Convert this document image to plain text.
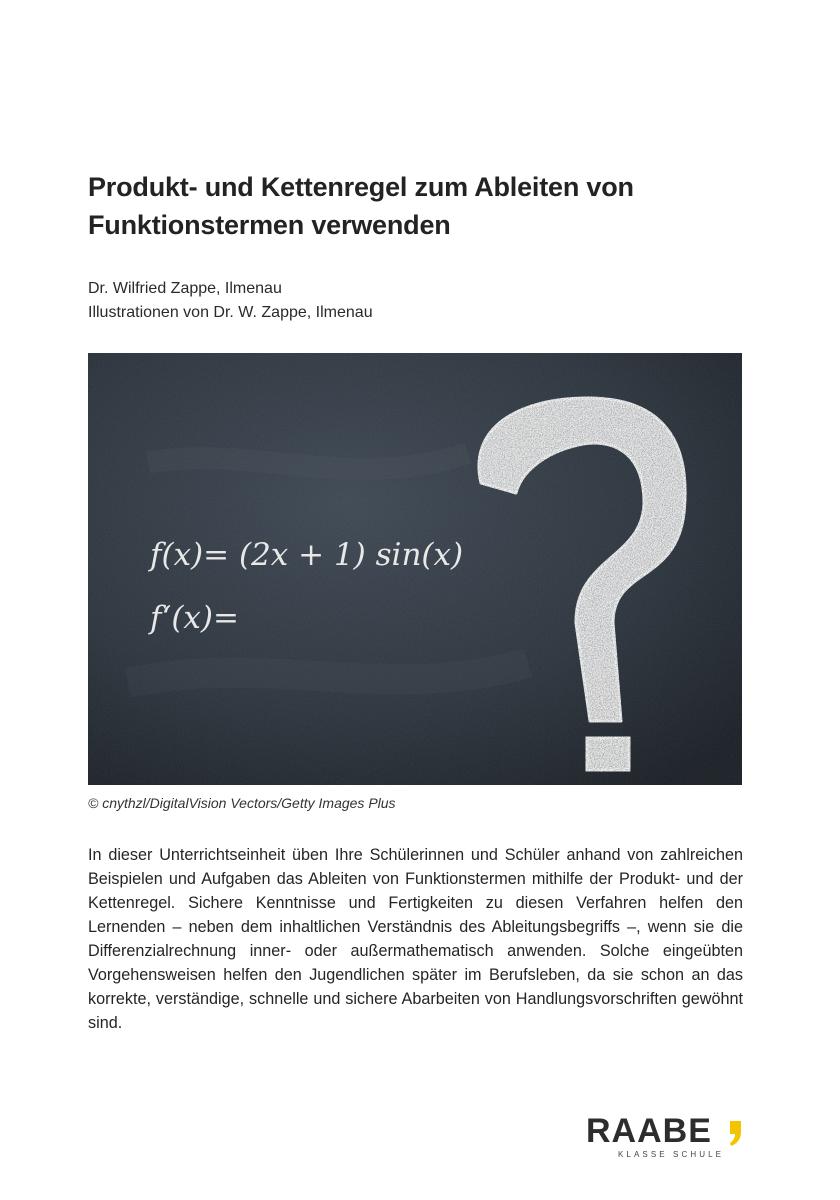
Produkt- und Kettenregel zum Ableiten von Funktionstermen verwenden
Dr. Wilfried Zappe, Ilmenau
Illustrationen von Dr. W. Zappe, Ilmenau
f(x)= (2x + 1) sin(x)
f‘(x)=
© cnythzl/DigitalVision Vectors/Getty Images Plus

In dieser Unterrichtseinheit üben Ihre Schülerinnen und Schüler anhand von zahlreichen Beispielen und Aufgaben das Ableiten von Funktionstermen mithilfe der Produkt- und der Kettenregel. Sichere Kenntnisse und Fertigkeiten zu diesen Verfahren helfen den Lernenden – neben dem inhaltlichen Verständnis des Ableitungsbegriffs –, wenn sie die Differenzialrechnung inner- oder außermathematisch anwenden. Solche eingeübten Vorgehensweisen helfen den Jugendlichen später im Berufsleben, da sie schon an das korrekte, verständige, schnelle und sichere Abarbeiten von Handlungsvorschriften gewöhnt sind.

RAABE
KLASSE SCHULE
